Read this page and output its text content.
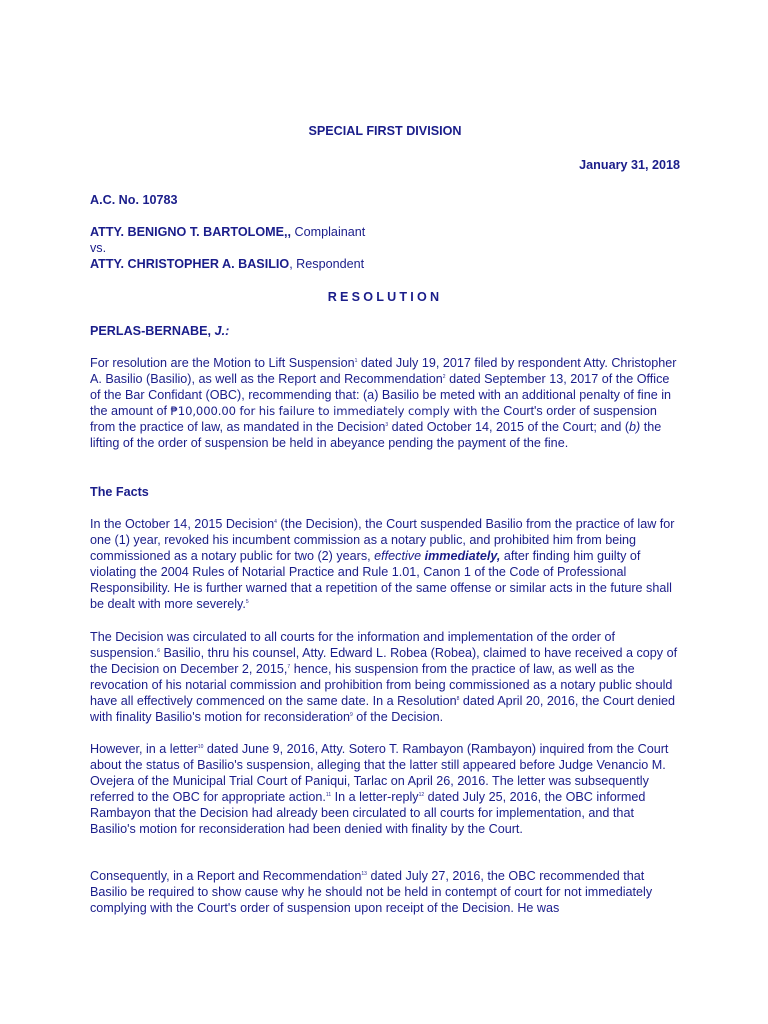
SPECIAL FIRST DIVISION
January 31, 2018
A.C. No. 10783
ATTY. BENIGNO T. BARTOLOME,, Complainant
vs.
ATTY. CHRISTOPHER A. BASILIO, Respondent
RESOLUTION
PERLAS-BERNABE, J.:

For resolution are the Motion to Lift Suspension$^1$ dated July 19, 2017 filed by respondent Atty. Christopher A. Basilio (Basilio), as well as the Report and Recommendation$^2$ dated September 13, 2017 of the Office of the Bar Confidant (OBC), recommending that: (a) Basilio be meted with an additional penalty of fine in the amount of ₱10,000.00 for his failure to immediately comply with the Court's order of suspension from the practice of law, as mandated in the Decision$^3$ dated October 14, 2015 of the Court; and (b) the lifting of the order of suspension be held in abeyance pending the payment of the fine.

The Facts

In the October 14, 2015 Decision$^4$ (the Decision), the Court suspended Basilio from the practice of law for one (1) year, revoked his incumbent commission as a notary public, and prohibited him from being commissioned as a notary public for two (2) years, effective immediately, after finding him guilty of violating the 2004 Rules of Notarial Practice and Rule 1.01, Canon 1 of the Code of Professional Responsibility. He is further warned that a repetition of the same offense or similar acts in the future shall be dealt with more severely.$^5$

The Decision was circulated to all courts for the information and implementation of the order of suspension.$^6$ Basilio, thru his counsel, Atty. Edward L. Robea (Robea), claimed to have received a copy of the Decision on December 2, 2015,$^7$ hence, his suspension from the practice of law, as well as the revocation of his notarial commission and prohibition from being commissioned as a notary public should have all effectively commenced on the same date. In a Resolution$^8$ dated April 20, 2016, the Court denied with finality Basilio's motion for reconsideration$^9$ of the Decision.

However, in a letter$^{10}$ dated June 9, 2016, Atty. Sotero T. Rambayon (Rambayon) inquired from the Court about the status of Basilio's suspension, alleging that the latter still appeared before Judge Venancio M. Ovejera of the Municipal Trial Court of Paniqui, Tarlac on April 26, 2016. The letter was subsequently referred to the OBC for appropriate action.$^{11}$ In a letter-reply$^{12}$ dated July 25, 2016, the OBC informed Rambayon that the Decision had already been circulated to all courts for implementation, and that Basilio's motion for reconsideration had been denied with finality by the Court.

Consequently, in a Report and Recommendation$^{13}$ dated July 27, 2016, the OBC recommended that Basilio be required to show cause why he should not be held in contempt of court for not immediately complying with the Court's order of suspension upon receipt of the Decision. He was
